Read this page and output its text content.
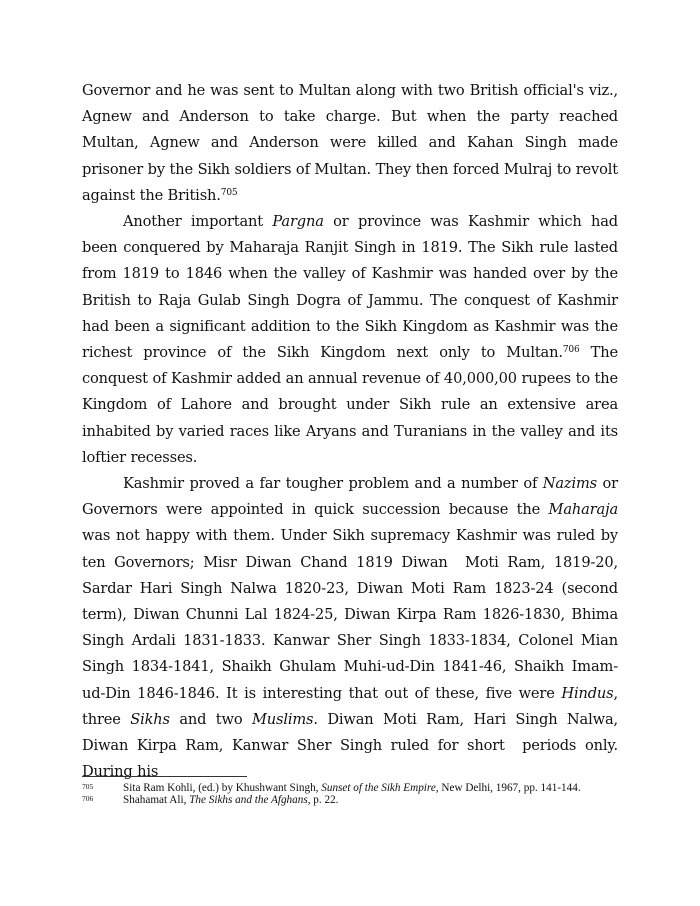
Governor and he was sent to Multan along with two British official's viz., Agnew and Anderson to take charge. But when the party reached Multan, Agnew and Anderson were killed and Kahan Singh made prisoner by the Sikh soldiers of Multan. They then forced Mulraj to revolt against the British.$^{705}$

Another important Pargna or province was Kashmir which had been conquered by Maharaja Ranjit Singh in 1819. The Sikh rule lasted from 1819 to 1846 when the valley of Kashmir was handed over by the British to Raja Gulab Singh Dogra of Jammu. The conquest of Kashmir had been a significant addition to the Sikh Kingdom as Kashmir was the richest province of the Sikh Kingdom next only to Multan.$^{706}$ The conquest of Kashmir added an annual revenue of 40,000,00 rupees to the Kingdom of Lahore and brought under Sikh rule an extensive area inhabited by varied races like Aryans and Turanians in the valley and its loftier recesses.

Kashmir proved a far tougher problem and a number of Nazims or Governors were appointed in quick succession because the Maharaja was not happy with them. Under Sikh supremacy Kashmir was ruled by ten Governors; Misr Diwan Chand 1819 Diwan  Moti Ram, 1819-20, Sardar Hari Singh Nalwa 1820-23, Diwan Moti Ram 1823-24 (second term), Diwan Chunni Lal 1824-25, Diwan Kirpa Ram 1826-1830, Bhima Singh Ardali 1831-1833. Kanwar Sher Singh 1833-1834, Colonel Mian Singh 1834-1841, Shaikh Ghulam Muhi-ud-Din 1841-46, Shaikh Imam-ud-Din 1846-1846. It is interesting that out of these, five were Hindus, three Sikhs and two Muslims. Diwan Moti Ram, Hari Singh Nalwa, Diwan Kirpa Ram, Kanwar Sher Singh ruled for short  periods only. During his

705	Sita Ram Kohli, (ed.) by Khushwant Singh, Sunset of the Sikh Empire, New Delhi, 1967, pp. 141-144.

706	Shahamat Ali, The Sikhs and the Afghans, p. 22.
